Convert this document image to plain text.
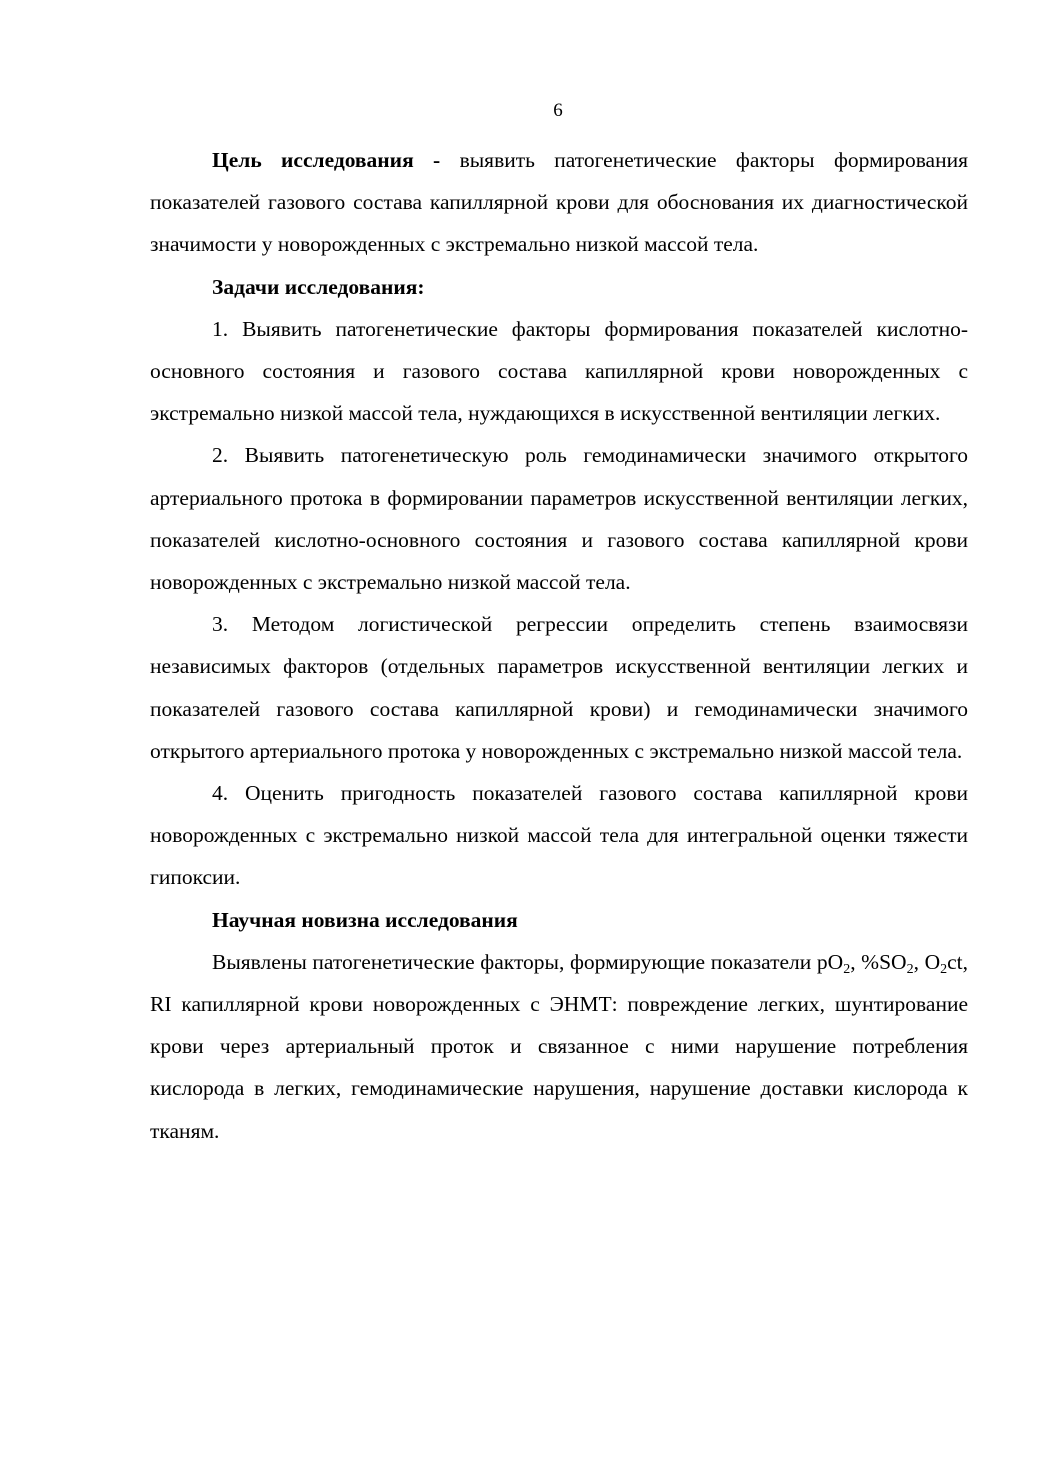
6

Цель исследования - выявить патогенетические факторы формирования показателей газового состава капиллярной крови для обоснования их диагностической значимости у новорожденных с экстремально низкой массой тела.

Задачи исследования:

1. Выявить патогенетические факторы формирования показателей кислотно-основного состояния и газового состава капиллярной крови новорожденных с экстремально низкой массой тела, нуждающихся в искусственной вентиляции легких.

2. Выявить патогенетическую роль гемодинамически значимого открытого артериального протока в формировании параметров искусственной вентиляции легких, показателей кислотно-основного состояния и газового состава капиллярной крови новорожденных с экстремально низкой массой тела.

3. Методом логистической регрессии определить степень взаимосвязи независимых факторов (отдельных параметров искусственной вентиляции легких и показателей газового состава капиллярной крови) и гемодинамически значимого открытого артериального протока у новорожденных с экстремально низкой массой тела.

4. Оценить пригодность показателей газового состава капиллярной крови новорожденных с экстремально низкой массой тела для интегральной оценки тяжести гипоксии.

Научная новизна исследования

Выявлены патогенетические факторы, формирующие показатели $pO_2$, $\%SO_2$, $O_2ct$, RI капиллярной крови новорожденных с ЭНМТ: повреждение легких, шунтирование крови через артериальный проток и связанное с ними нарушение потребления кислорода в легких, гемодинамические нарушения, нарушение доставки кислорода к тканям.
